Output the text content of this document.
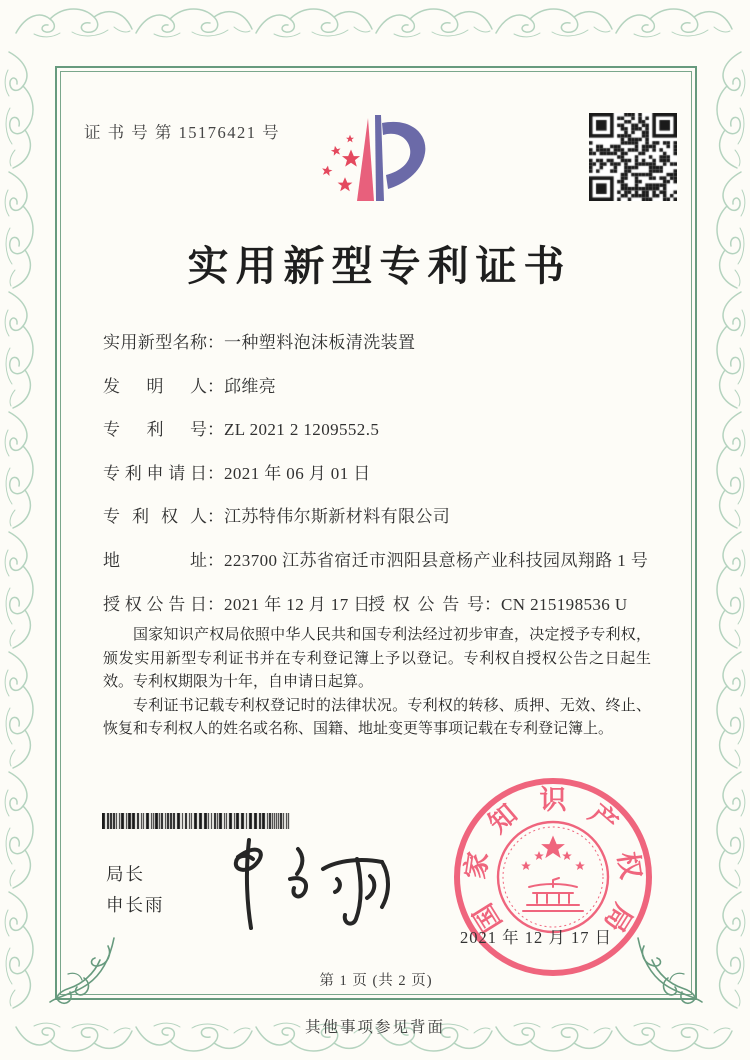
证 书 号 第 15176421 号
实用新型专利证书
实用新型名称：一种塑料泡沫板清洗装置
发明人：邱维亮
专利号：ZL 2021 2 1209552.5
专利申请日：2021 年 06 月 01 日
专利权人：江苏特伟尔斯新材料有限公司
地址：223700 江苏省宿迁市泗阳县意杨产业科技园凤翔路 1 号
授权公告日：2021 年 12 月 17 日
授权公告号：CN 215198536 U

国家知识产权局依照中华人民共和国专利法经过初步审查，决定授予专利权，颁发实用新型专利证书并在专利登记簿上予以登记。专利权自授权公告之日起生效。专利权期限为十年，自申请日起算。

专利证书记载专利权登记时的法律状况。专利权的转移、质押、无效、终止、恢复和专利权人的姓名或名称、国籍、地址变更等事项记载在专利登记簿上。

局长
申长雨	国
家
知 识 产
权
局
2021 年 12 月 17 日
第 1 页 (共 2 页)
其他事项参见背面
